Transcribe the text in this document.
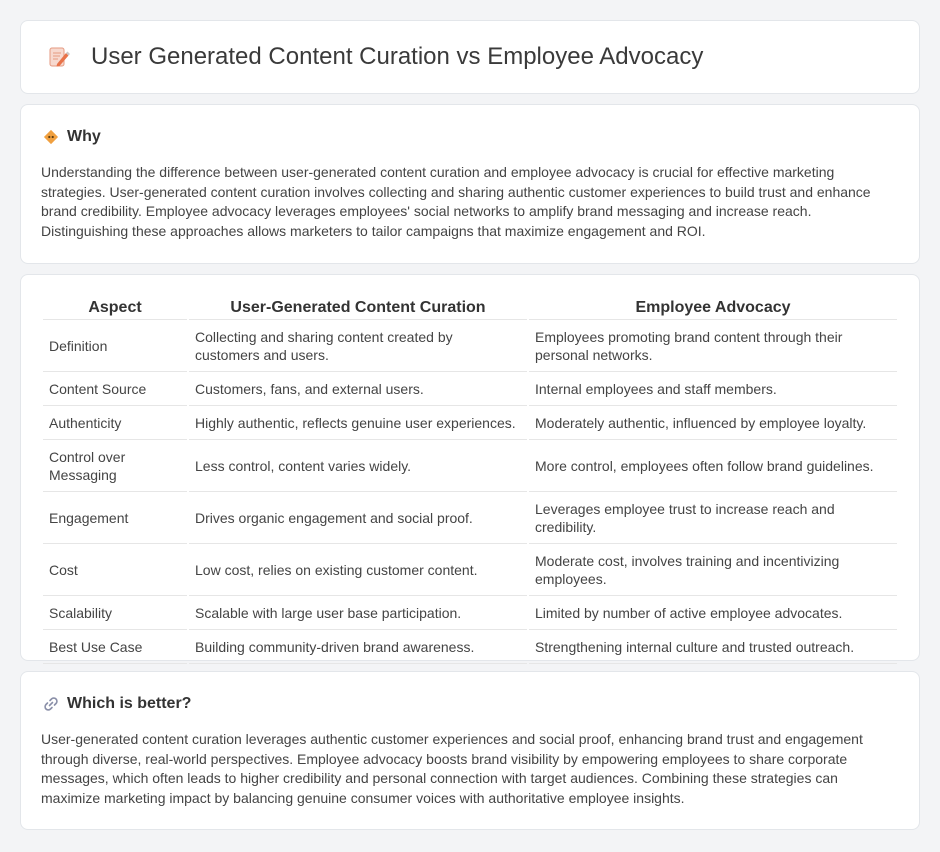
User Generated Content Curation vs Employee Advocacy
Why

Understanding the difference between user-generated content curation and employee advocacy is crucial for effective marketing strategies. User-generated content curation involves collecting and sharing authentic customer experiences to build trust and enhance brand credibility. Employee advocacy leverages employees' social networks to amplify brand messaging and increase reach. Distinguishing these approaches allows marketers to tailor campaigns that maximize engagement and ROI.

Aspect	User-Generated Content Curation	Employee Advocacy
Definition	Collecting and sharing content created by customers and users.	Employees promoting brand content through their personal networks.
Content Source	Customers, fans, and external users.	Internal employees and staff members.
Authenticity	Highly authentic, reflects genuine user experiences.	Moderately authentic, influenced by employee loyalty.
Control over Messaging	Less control, content varies widely.	More control, employees often follow brand guidelines.
Engagement	Drives organic engagement and social proof.	Leverages employee trust to increase reach and credibility.
Cost	Low cost, relies on existing customer content.	Moderate cost, involves training and incentivizing employees.
Scalability	Scalable with large user base participation.	Limited by number of active employee advocates.
Best Use Case	Building community-driven brand awareness.	Strengthening internal culture and trusted outreach.
Which is better?

User-generated content curation leverages authentic customer experiences and social proof, enhancing brand trust and engagement through diverse, real-world perspectives. Employee advocacy boosts brand visibility by empowering employees to share corporate messages, which often leads to higher credibility and personal connection with target audiences. Combining these strategies can maximize marketing impact by balancing genuine consumer voices with authoritative employee insights.
